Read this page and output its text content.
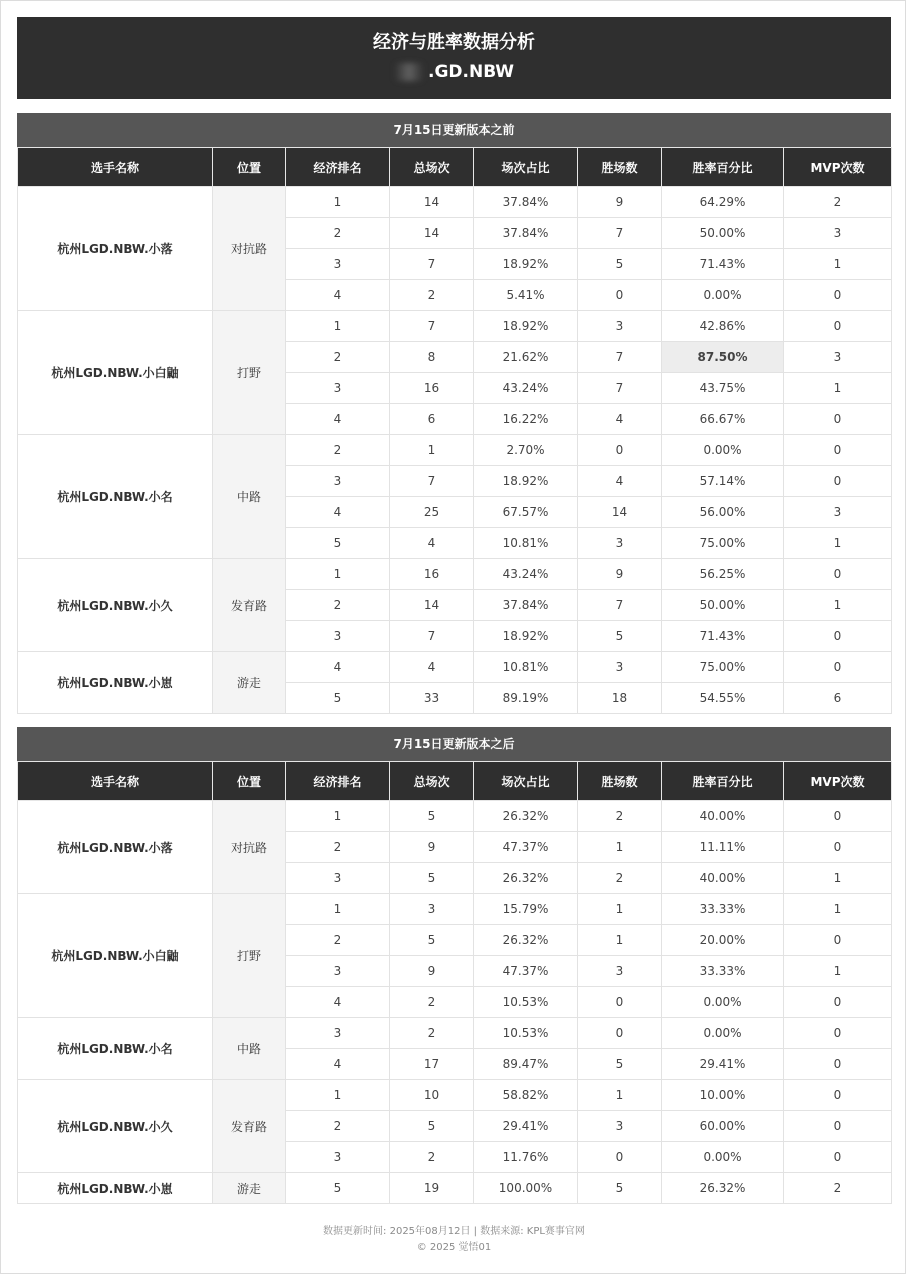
经济与胜率数据分析
.GD.NBW
7月15日更新版本之前
选手名称	位置	经济排名	总场次	场次占比	胜场数	胜率百分比	MVP次数
杭州LGD.NBW.小落	对抗路	1	14	37.84%	9	64.29%	2
		2	14	37.84%	7	50.00%	3
		3	7	18.92%	5	71.43%	1
		4	2	5.41%	0	0.00%	0
杭州LGD.NBW.小白鼬	打野	1	7	18.92%	3	42.86%	0
		2	8	21.62%	7	87.50%	3
		3	16	43.24%	7	43.75%	1
		4	6	16.22%	4	66.67%	0
杭州LGD.NBW.小名	中路	2	1	2.70%	0	0.00%	0
		3	7	18.92%	4	57.14%	0
		4	25	67.57%	14	56.00%	3
		5	4	10.81%	3	75.00%	1
杭州LGD.NBW.小久	发育路	1	16	43.24%	9	56.25%	0
		2	14	37.84%	7	50.00%	1
		3	7	18.92%	5	71.43%	0
杭州LGD.NBW.小崽	游走	4	4	10.81%	3	75.00%	0
		5	33	89.19%	18	54.55%	6
7月15日更新版本之后
选手名称	位置	经济排名	总场次	场次占比	胜场数	胜率百分比	MVP次数
杭州LGD.NBW.小落	对抗路	1	5	26.32%	2	40.00%	0
		2	9	47.37%	1	11.11%	0
		3	5	26.32%	2	40.00%	1
杭州LGD.NBW.小白鼬	打野	1	3	15.79%	1	33.33%	1
		2	5	26.32%	1	20.00%	0
		3	9	47.37%	3	33.33%	1
		4	2	10.53%	0	0.00%	0
杭州LGD.NBW.小名	中路	3	2	10.53%	0	0.00%	0
		4	17	89.47%	5	29.41%	0
杭州LGD.NBW.小久	发育路	1	10	58.82%	1	10.00%	0
		2	5	29.41%	3	60.00%	0
		3	2	11.76%	0	0.00%	0
杭州LGD.NBW.小崽	游走	5	19	100.00%	5	26.32%	2
数据更新时间: 2025年08月12日 | 数据来源: KPL赛事官网
© 2025 觉悟01
